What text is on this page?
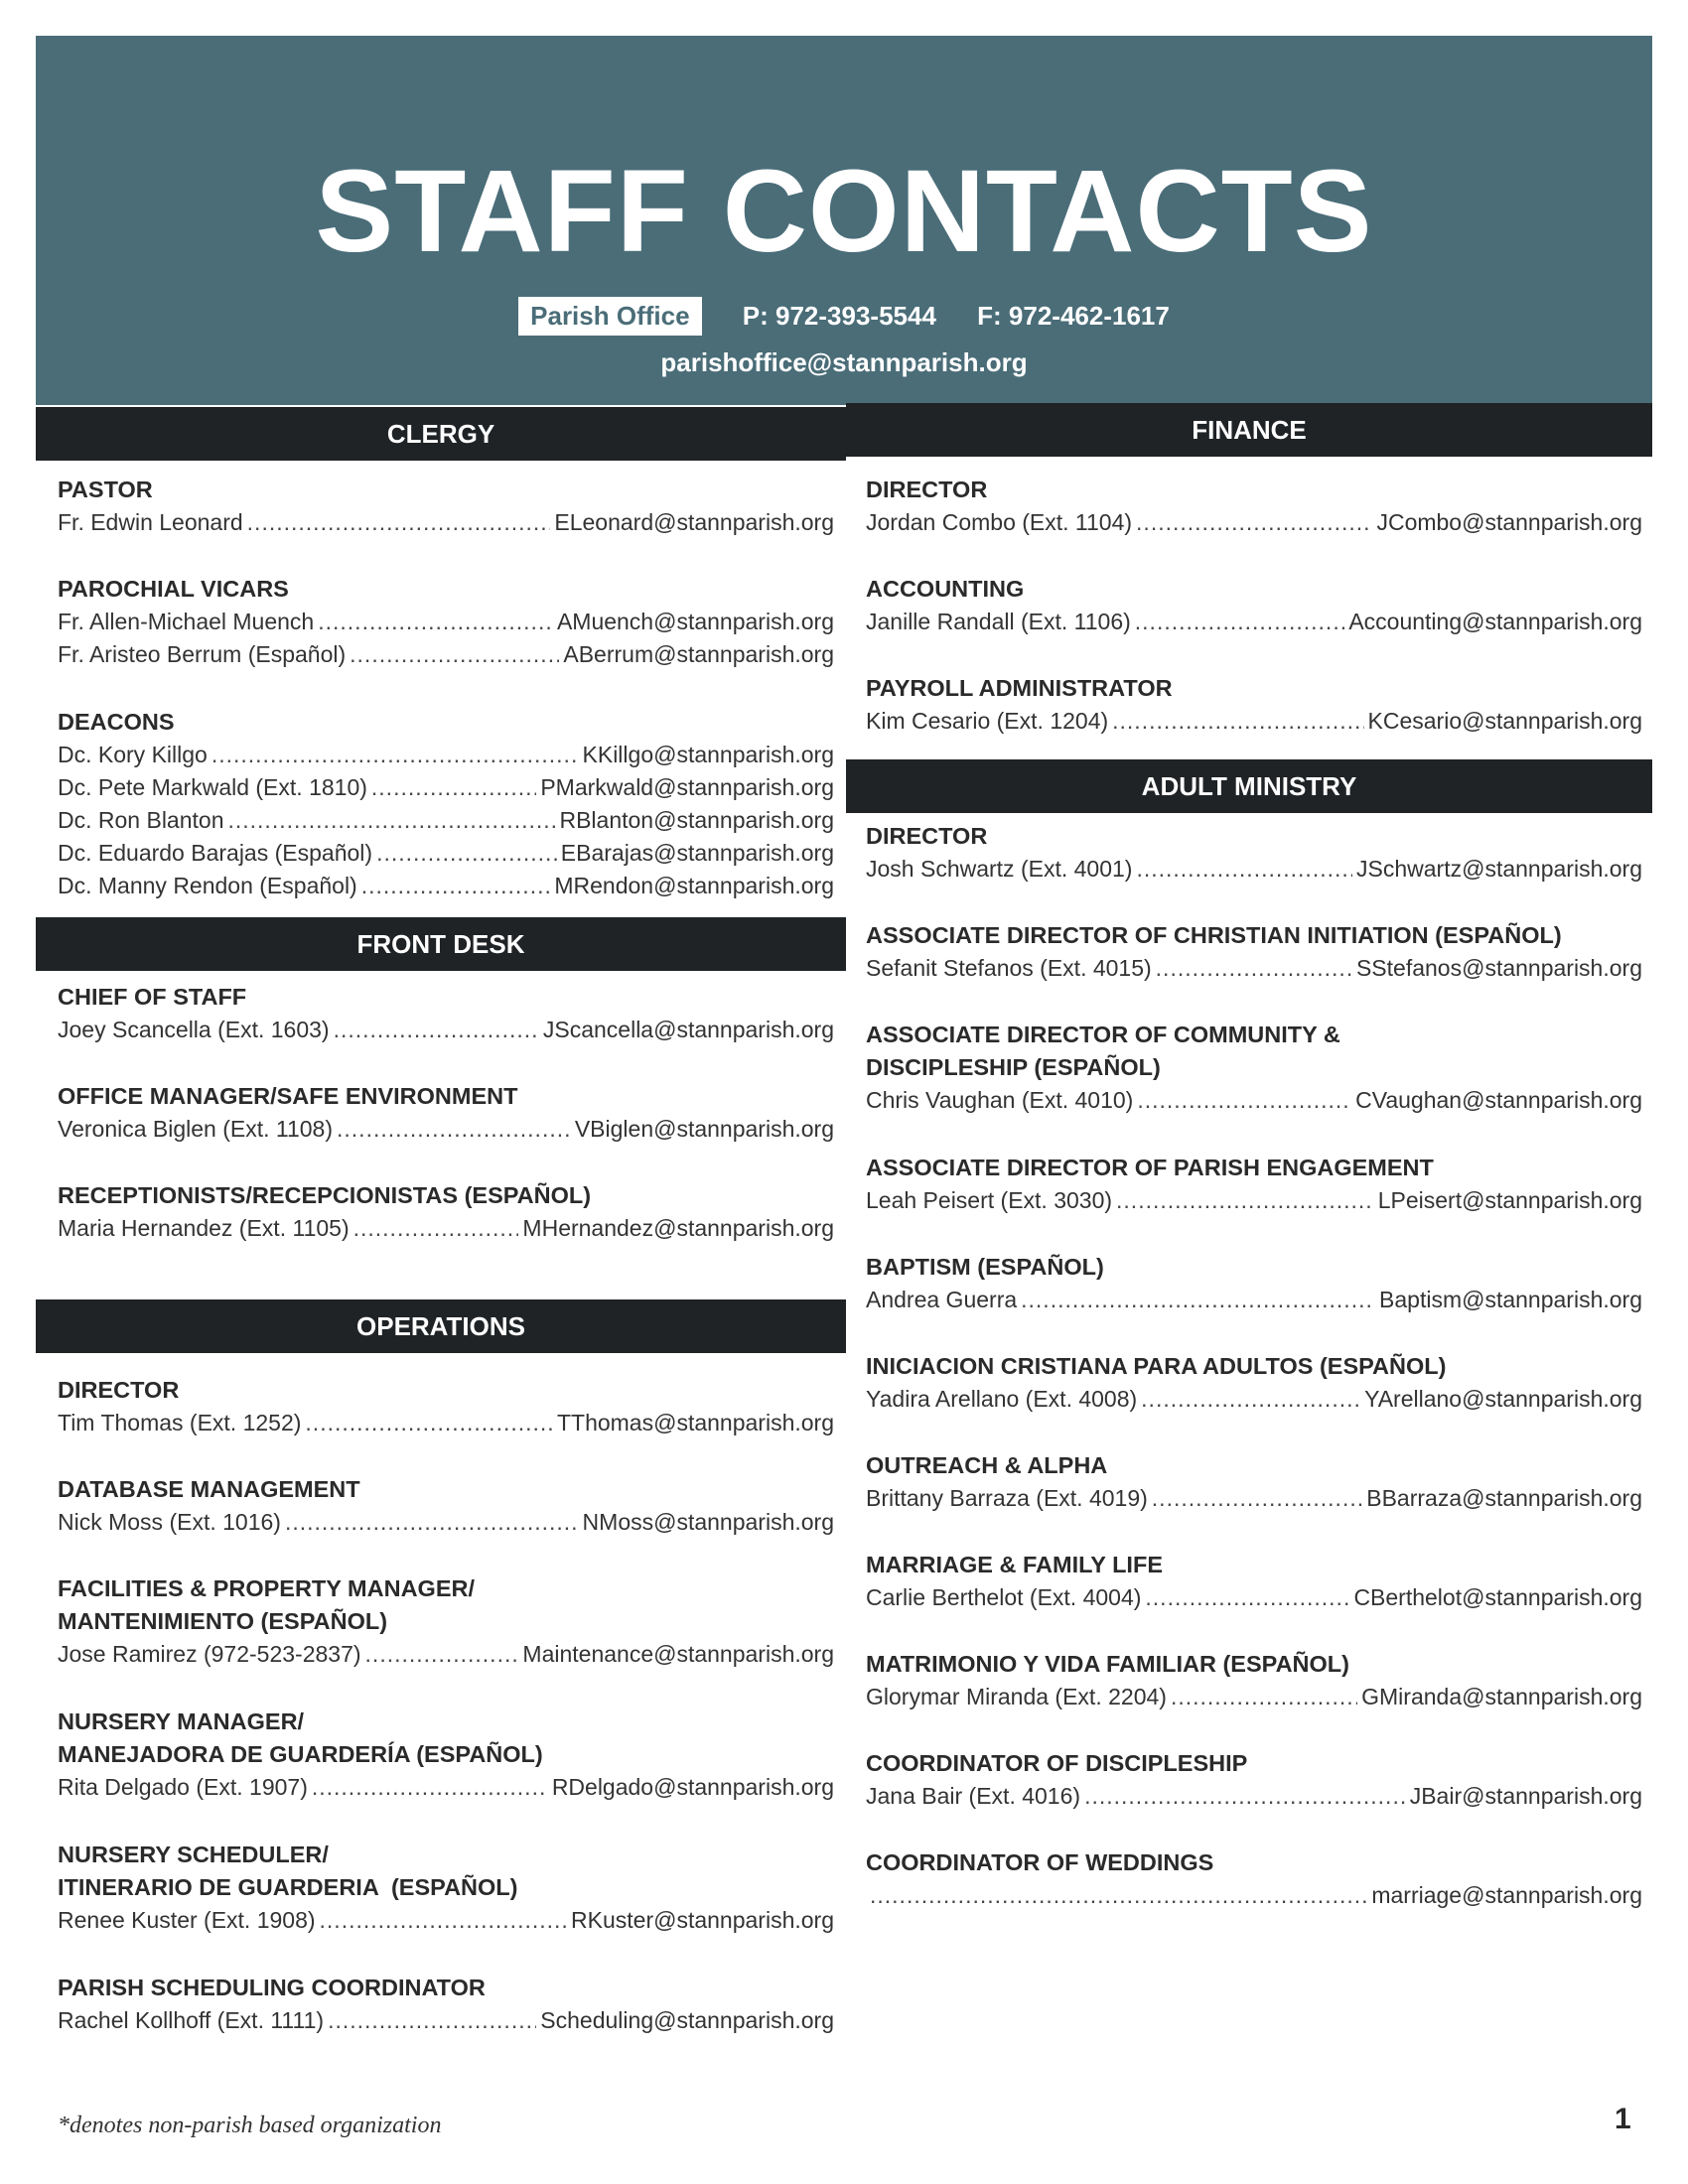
STAFF CONTACTS
Parish Office P: 972-393-5544 F: 972-462-1617
parishoffice@stannparish.org
CLERGY
PASTOR
Fr. Edwin Leonard .....	ELeonard@stannparish.org
PAROCHIAL VICARS
Fr. Allen-Michael Muench .....	AMuench@stannparish.org
Fr. Aristeo Berrum (Español) .....	ABerrum@stannparish.org
DEACONS
Dc. Kory Killgo .....	KKillgo@stannparish.org
Dc. Pete Markwald (Ext. 1810) .....	PMarkwald@stannparish.org
Dc. Ron Blanton .....	RBlanton@stannparish.org
Dc. Eduardo Barajas (Español) .....	EBarajas@stannparish.org
Dc. Manny Rendon (Español) .....	MRendon@stannparish.org
FRONT DESK
CHIEF OF STAFF
Joey Scancella (Ext. 1603) .....	JScancella@stannparish.org
OFFICE MANAGER/SAFE ENVIRONMENT
Veronica Biglen (Ext. 1108) .....	VBiglen@stannparish.org
RECEPTIONISTS/RECEPCIONISTAS (ESPAÑOL)
Maria Hernandez (Ext. 1105) .....	MHernandez@stannparish.org
OPERATIONS
DIRECTOR
Tim Thomas (Ext. 1252) .....	TThomas@stannparish.org
DATABASE MANAGEMENT
Nick Moss (Ext. 1016) .....	NMoss@stannparish.org
FACILITIES & PROPERTY MANAGER/
MANTENIMIENTO (ESPAÑOL)
Jose Ramirez (972-523-2837) .....	Maintenance@stannparish.org
NURSERY MANAGER/
MANEJADORA DE GUARDERÍA (ESPAÑOL)
Rita Delgado (Ext. 1907) .....	RDelgado@stannparish.org
NURSERY SCHEDULER/
ITINERARIO DE GUARDERIA  (ESPAÑOL)
Renee Kuster (Ext. 1908) .....	RKuster@stannparish.org
PARISH SCHEDULING COORDINATOR
Rachel Kollhoff (Ext. 1111) .....	Scheduling@stannparish.org
FINANCE
DIRECTOR
Jordan Combo (Ext. 1104) .....	JCombo@stannparish.org
ACCOUNTING
Janille Randall (Ext. 1106) .....	Accounting@stannparish.org
PAYROLL ADMINISTRATOR
Kim Cesario (Ext. 1204) .....	KCesario@stannparish.org
ADULT MINISTRY
DIRECTOR
Josh Schwartz (Ext. 4001) .....	JSchwartz@stannparish.org
ASSOCIATE DIRECTOR OF CHRISTIAN INITIATION (ESPAÑOL)
Sefanit Stefanos (Ext. 4015) .....	SStefanos@stannparish.org
ASSOCIATE DIRECTOR OF COMMUNITY &
DISCIPLESHIP (ESPAÑOL)
Chris Vaughan (Ext. 4010) .....	CVaughan@stannparish.org
ASSOCIATE DIRECTOR OF PARISH ENGAGEMENT
Leah Peisert (Ext. 3030) .....	LPeisert@stannparish.org
BAPTISM (ESPAÑOL)
Andrea Guerra .....	Baptism@stannparish.org
INICIACION CRISTIANA PARA ADULTOS (ESPAÑOL)
Yadira Arellano (Ext. 4008) .....	YArellano@stannparish.org
OUTREACH & ALPHA
Brittany Barraza (Ext. 4019) .....	BBarraza@stannparish.org
MARRIAGE & FAMILY LIFE
Carlie Berthelot (Ext. 4004) .....	CBerthelot@stannparish.org
MATRIMONIO Y VIDA FAMILIAR (ESPAÑOL)
Glorymar Miranda (Ext. 2204) .....	GMiranda@stannparish.org
COORDINATOR OF DISCIPLESHIP
Jana Bair (Ext. 4016) .....	JBair@stannparish.org
COORDINATOR OF WEDDINGS
.....
marriage@stannparish.org
*denotes non-parish based organization	1
